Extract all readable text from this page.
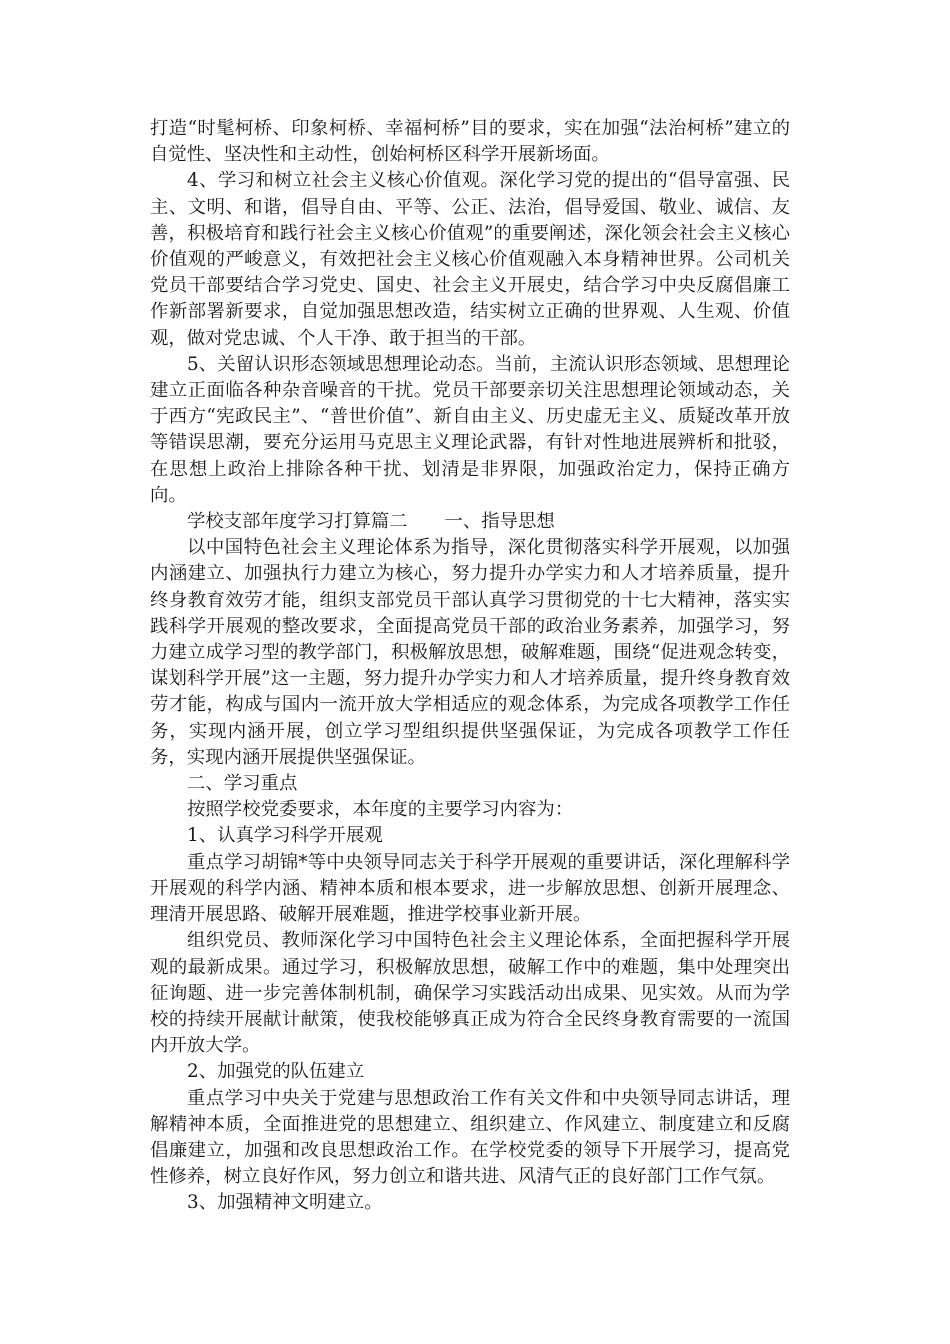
打造“时髦柯桥、印象柯桥、幸福柯桥”目的要求，实在加强“法治柯桥”建立的自觉性、坚决性和主动性，创始柯桥区科学开展新场面。

4、学习和树立社会主义核心价值观。深化学习党的提出的“倡导富强、民主、文明、和谐，倡导自由、平等、公正、法治，倡导爱国、敬业、诚信、友善，积极培育和践行社会主义核心价值观”的重要阐述，深化领会社会主义核心价值观的严峻意义，有效把社会主义核心价值观融入本身精神世界。公司机关党员干部要结合学习党史、国史、社会主义开展史，结合学习中央反腐倡廉工作新部署新要求，自觉加强思想改造，结实树立正确的世界观、人生观、价值观，做对党忠诚、个人干净、敢于担当的干部。

5、关留认识形态领域思想理论动态。当前，主流认识形态领域、思想理论建立正面临各种杂音噪音的干扰。党员干部要亲切关注思想理论领域动态，关于西方“宪政民主”、“普世价值”、新自由主义、历史虚无主义、质疑改革开放等错误思潮，要充分运用马克思主义理论武器，有针对性地进展辨析和批驳，在思想上政治上排除各种干扰、划清是非界限，加强政治定力，保持正确方向。

学校支部年度学习打算篇二　　一、指导思想

以中国特色社会主义理论体系为指导，深化贯彻落实科学开展观，以加强内涵建立、加强执行力建立为核心，努力提升办学实力和人才培养质量，提升终身教育效劳才能，组织支部党员干部认真学习贯彻党的十七大精神，落实实践科学开展观的整改要求，全面提高党员干部的政治业务素养，加强学习，努力建立成学习型的教学部门，积极解放思想，破解难题，围绕“促进观念转变，谋划科学开展”这一主题，努力提升办学实力和人才培养质量，提升终身教育效劳才能，构成与国内一流开放大学相适应的观念体系，为完成各项教学工作任务，实现内涵开展，创立学习型组织提供坚强保证，为完成各项教学工作任务，实现内涵开展提供坚强保证。

二、学习重点

按照学校党委要求，本年度的主要学习内容为：

1、认真学习科学开展观

重点学习胡锦*等中央领导同志关于科学开展观的重要讲话，深化理解科学开展观的科学内涵、精神本质和根本要求，进一步解放思想、创新开展理念、理清开展思路、破解开展难题，推进学校事业新开展。

组织党员、教师深化学习中国特色社会主义理论体系，全面把握科学开展观的最新成果。通过学习，积极解放思想，破解工作中的难题，集中处理突出征询题、进一步完善体制机制，确保学习实践活动出成果、见实效。从而为学校的持续开展献计献策，使我校能够真正成为符合全民终身教育需要的一流国内开放大学。

2、加强党的队伍建立

重点学习中央关于党建与思想政治工作有关文件和中央领导同志讲话，理解精神本质，全面推进党的思想建立、组织建立、作风建立、制度建立和反腐倡廉建立，加强和改良思想政治工作。在学校党委的领导下开展学习，提高党性修养，树立良好作风，努力创立和谐共进、风清气正的良好部门工作气氛。

3、加强精神文明建立。
